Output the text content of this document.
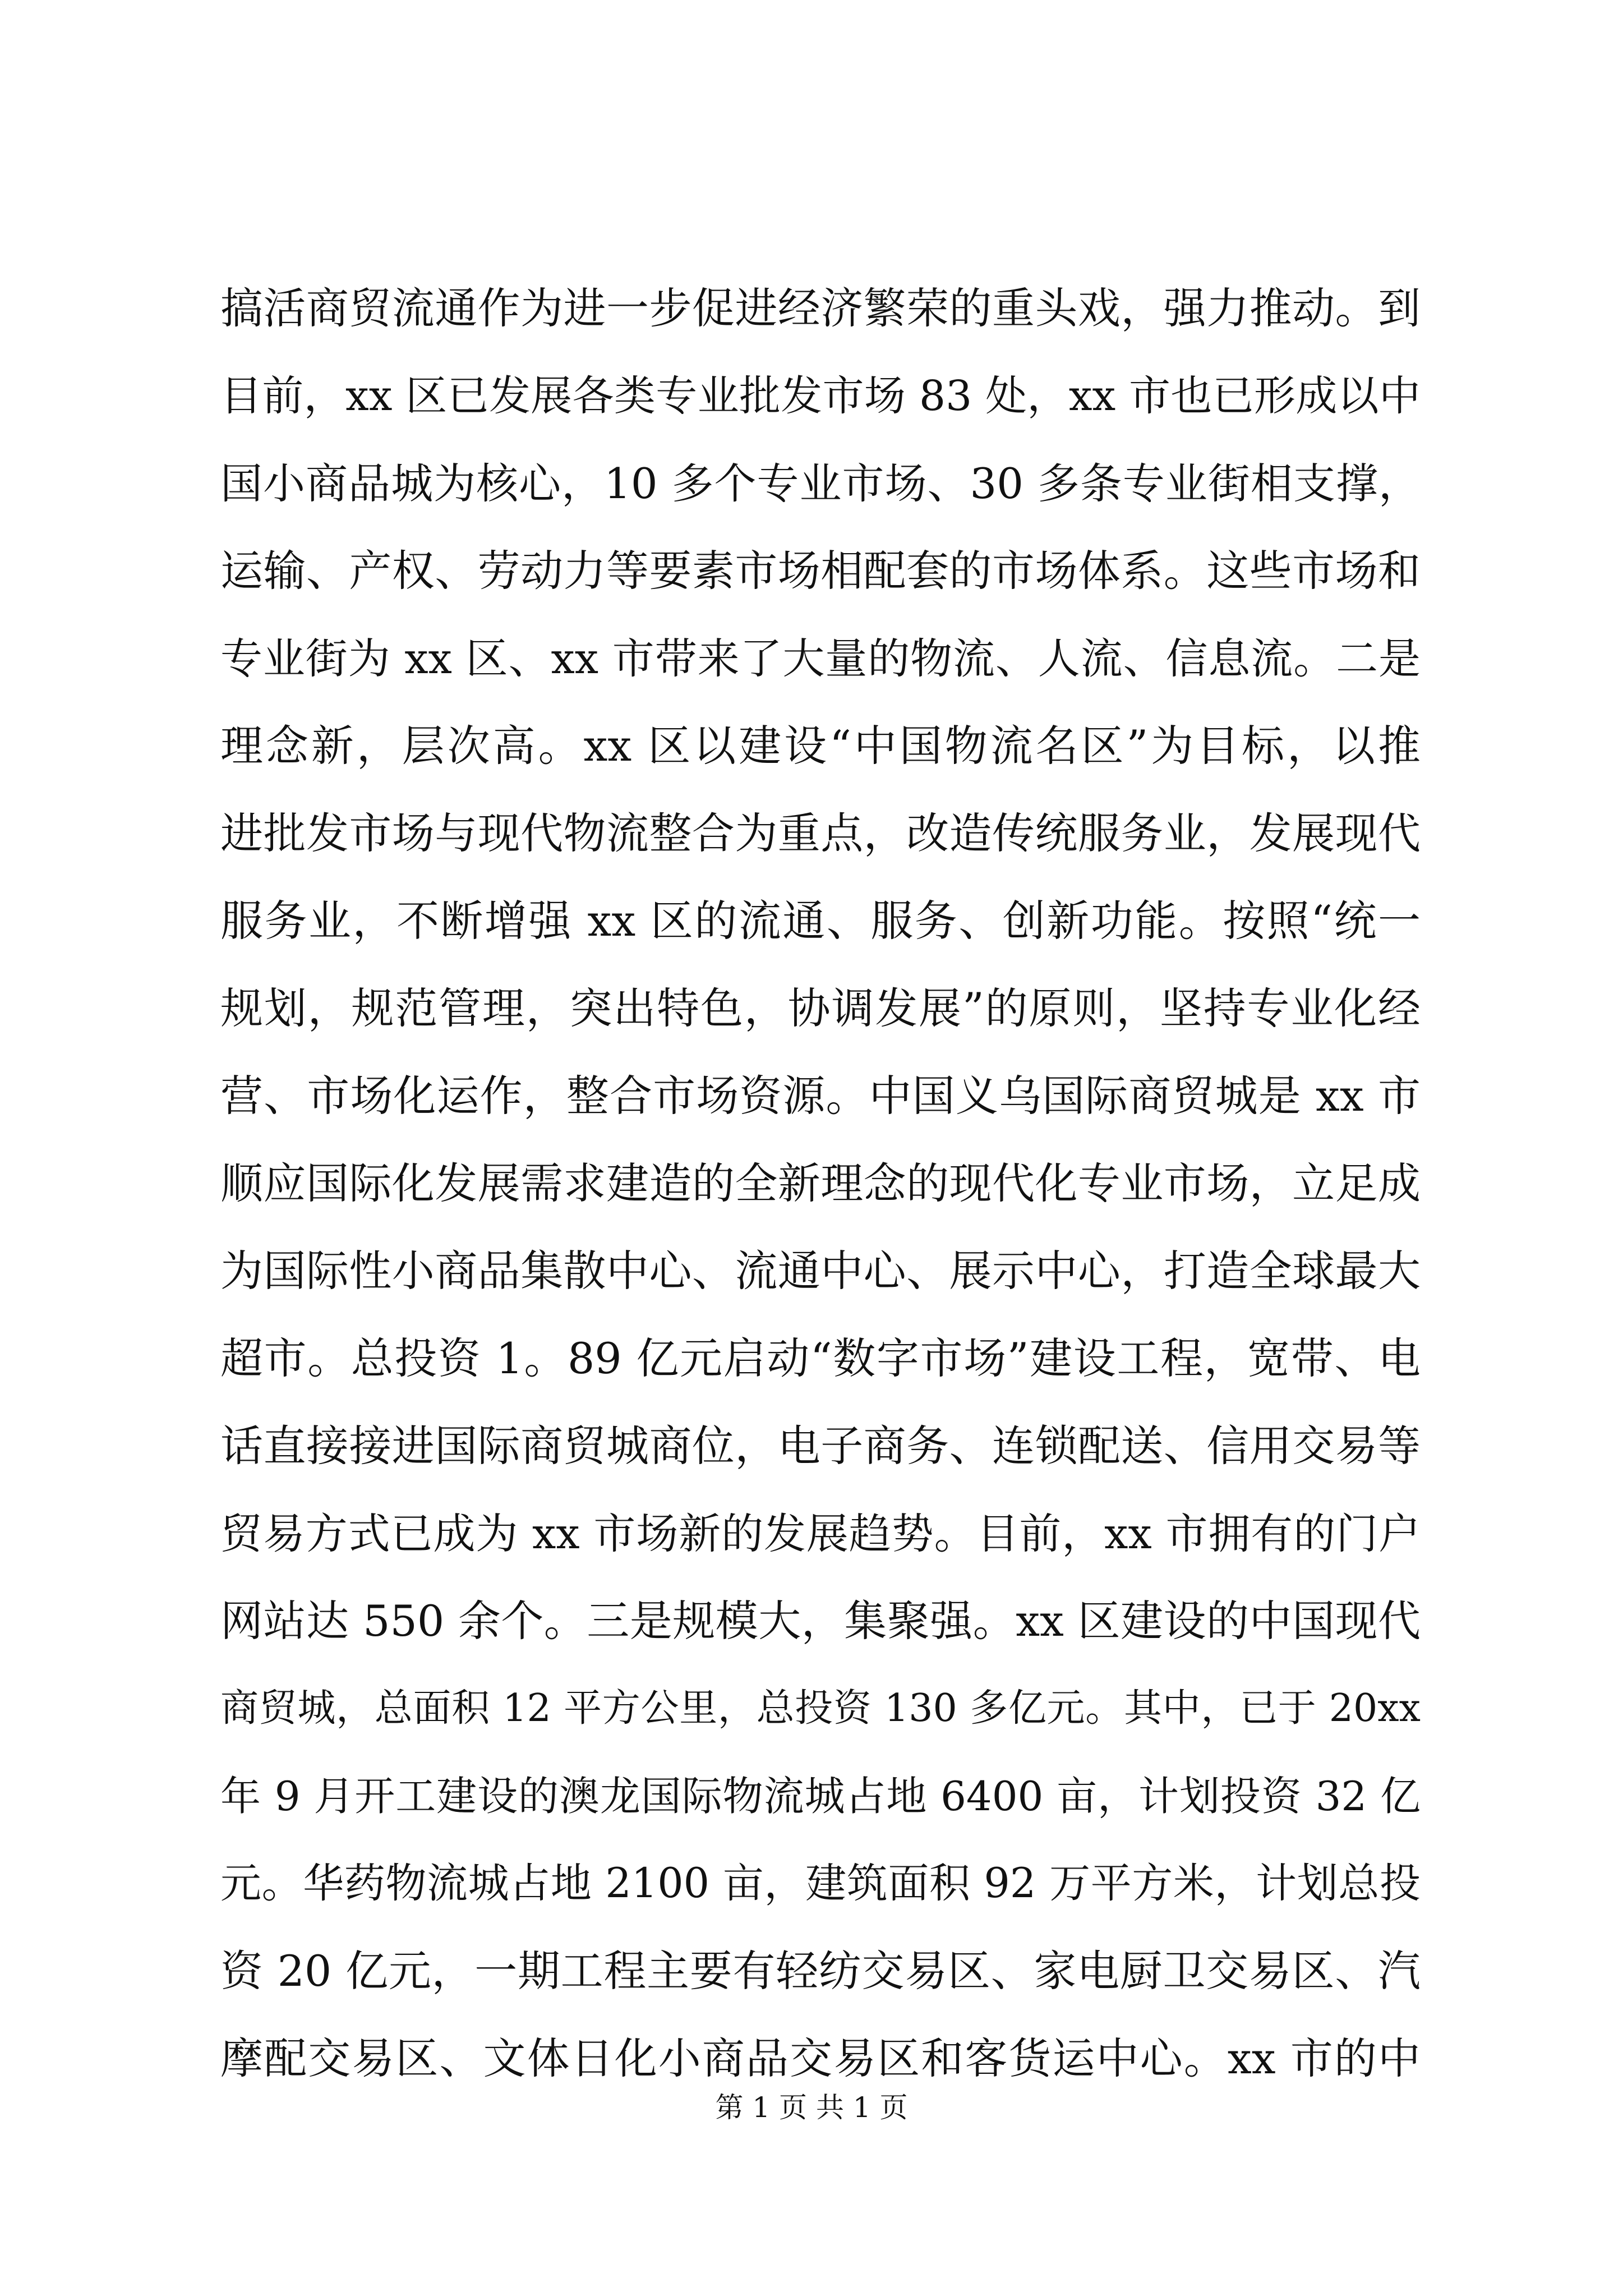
搞活商贸流通作为进一步促进经济繁荣的重头戏，强力推动。到
目前，xx 区已发展各类专业批发市场 83 处，xx 市也已形成以中
国小商品城为核心，10 多个专业市场、30 多条专业街相支撑，
运输、产权、劳动力等要素市场相配套的市场体系。这些市场和
专业街为 xx 区、xx 市带来了大量的物流、人流、信息流。二是
理念新，层次高。xx 区以建设“中国物流名区”为目标，以推
进批发市场与现代物流整合为重点，改造传统服务业，发展现代
服务业，不断增强 xx 区的流通、服务、创新功能。按照“统一
规划，规范管理，突出特色，协调发展”的原则，坚持专业化经
营、市场化运作，整合市场资源。中国义乌国际商贸城是 xx 市
顺应国际化发展需求建造的全新理念的现代化专业市场，立足成
为国际性小商品集散中心、流通中心、展示中心，打造全球最大
超市。总投资 1。89 亿元启动“数字市场”建设工程，宽带、电
话直接接进国际商贸城商位，电子商务、连锁配送、信用交易等
贸易方式已成为 xx 市场新的发展趋势。目前，xx 市拥有的门户
网站达 550 余个。三是规模大，集聚强。xx 区建设的中国现代
商贸城，总面积 12 平方公里，总投资 130 多亿元。其中，已于 20xx
年 9 月开工建设的澳龙国际物流城占地 6400 亩，计划投资 32 亿
元。华药物流城占地 2100 亩，建筑面积 92 万平方米，计划总投
资 20 亿元，一期工程主要有轻纺交易区、家电厨卫交易区、汽
摩配交易区、文体日化小商品交易区和客货运中心。xx 市的中
第 1 页 共 1 页
